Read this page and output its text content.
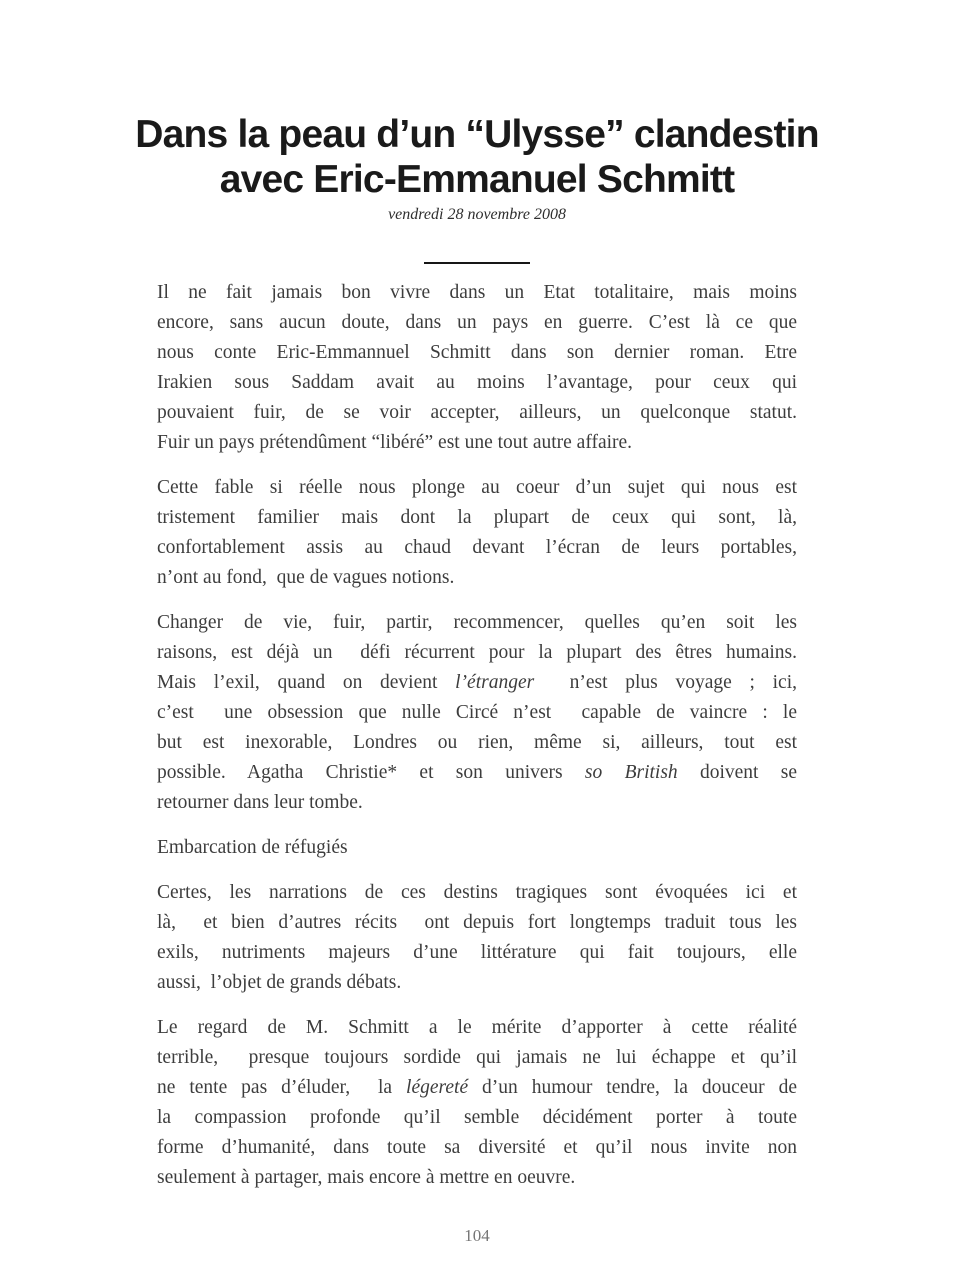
Dans la peau d’un “Ulysse” clandestin
avec Eric-Emmanuel Schmitt
vendredi 28 novembre 2008
Il ne fait jamais bon vivre dans un Etat totalitaire, mais moins
encore, sans aucun doute, dans un pays en guerre. C’est là ce que
nous conte Eric-Emmannuel Schmitt dans son dernier roman. Etre
Irakien sous Saddam avait au moins l’avantage, pour ceux qui
pouvaient fuir, de se voir accepter, ailleurs, un quelconque statut.
Fuir un pays prétendûment “libéré” est une tout autre affaire.
Cette fable si réelle nous plonge au coeur d’un sujet qui nous est
tristement familier mais dont la plupart de ceux qui sont, là,
confortablement assis au chaud devant l’écran de leurs portables,
n’ont au fond,  que de vagues notions.
Changer de vie, fuir, partir, recommencer, quelles qu’en soit les
raisons, est déjà un  défi récurrent pour la plupart des êtres humains.
Mais l’exil, quand on devient l’étranger  n’est plus voyage ; ici,
c’est  une obsession que nulle Circé n’est  capable de vaincre : le
but est inexorable, Londres ou rien, même si, ailleurs, tout est
possible. Agatha Christie* et son univers so British doivent se
retourner dans leur tombe.
Embarcation de réfugiés
Certes, les narrations de ces destins tragiques sont évoquées ici et
là,  et bien d’autres récits  ont depuis fort longtemps traduit tous les
exils, nutriments majeurs d’une littérature qui fait toujours, elle
aussi,  l’objet de grands débats.
Le regard de M. Schmitt a le mérite d’apporter à cette réalité
terrible,  presque toujours sordide qui jamais ne lui échappe et qu’il
ne tente pas d’éluder,  la légereté d’un humour tendre, la douceur de
la compassion profonde qu’il semble décidément porter à toute
forme d’humanité, dans toute sa diversité et qu’il nous invite non
seulement à partager, mais encore à mettre en oeuvre.
104
